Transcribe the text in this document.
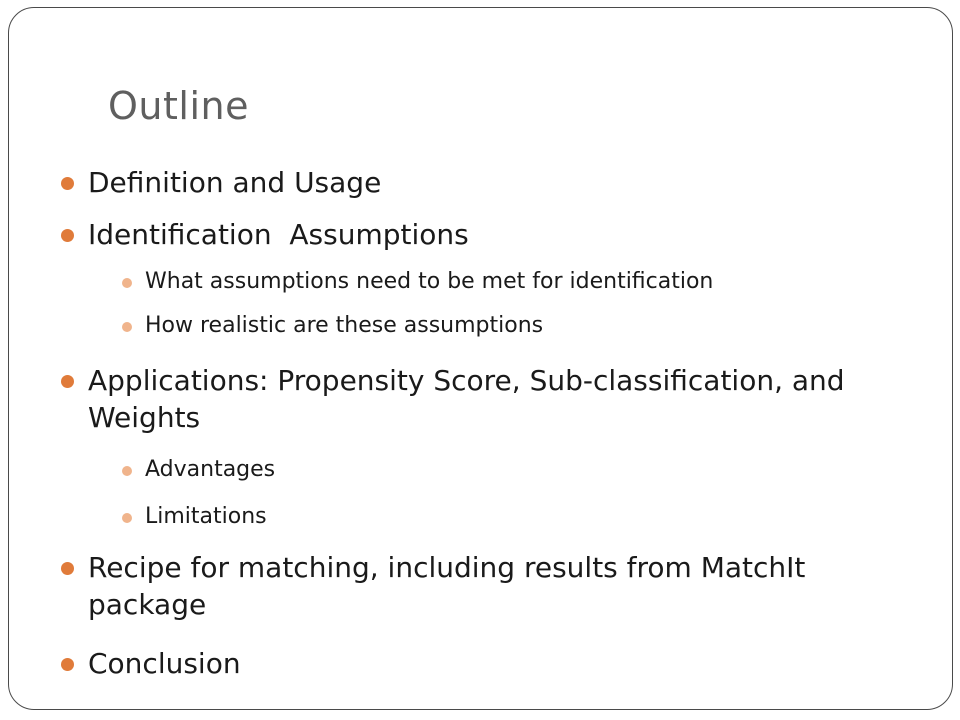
Outline
Definition and Usage
Identification  Assumptions
What assumptions need to be met for identification
How realistic are these assumptions
Applications: Propensity Score, Sub-classification, and Weights
Advantages
Limitations
Recipe for matching, including results from MatchIt package
Conclusion
